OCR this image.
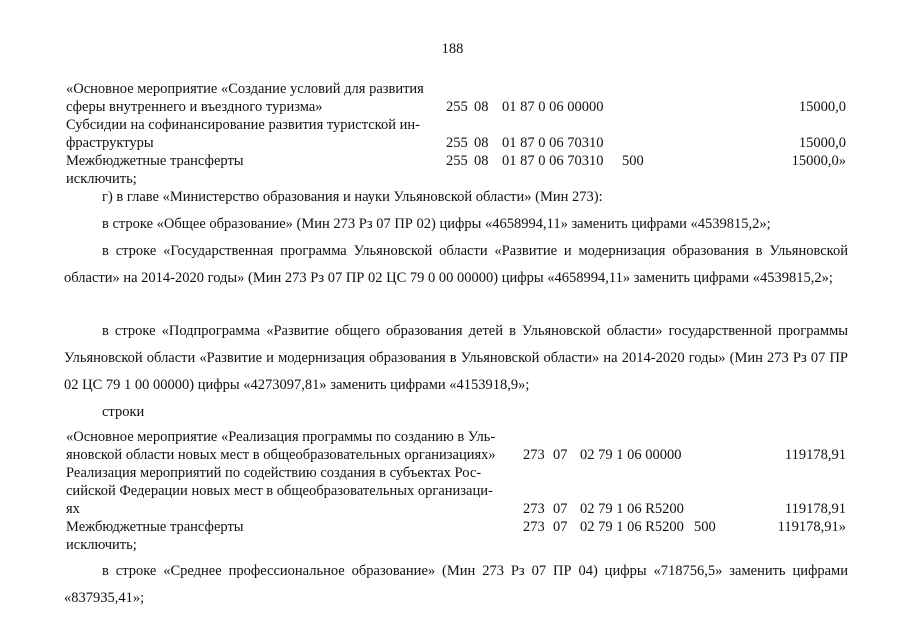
188
«Основное мероприятие «Создание условий для развития
сферы внутреннего и въездного туризма»	255 08 01 87 0 06 00000	15000,0
Субсидии на софинансирование развития туристской ин-
фраструктуры	255 08 01 87 0 06 70310	15000,0
Межбюджетные трансферты	255 08 01 87 0 06 70310 500	15000,0»
исключить;
г) в главе «Министерство образования и науки Ульяновской области» (Мин 273):
в строке «Общее образование» (Мин 273 Рз 07 ПР 02) цифры «4658994,11» заменить цифрами «4539815,2»;
в строке «Государственная программа Ульяновской области «Развитие и модернизация образования в Ульяновской области» на 2014-2020 годы» (Мин 273 Рз 07 ПР 02 ЦС 79 0 00 00000) цифры «4658994,11» заменить цифрами «4539815,2»;
в строке «Подпрограмма «Развитие общего образования детей в Ульяновской области» государственной программы Ульяновской области «Развитие и модернизация образования в Ульяновской области» на 2014-2020 годы» (Мин 273 Рз 07 ПР 02 ЦС 79 1 00 00000) цифры «4273097,81» заменить цифрами «4153918,9»;
строки
«Основное мероприятие «Реализация программы по созданию в Уль-
яновской области новых мест в общеобразовательных организациях» 273 07 02 79 1 06 00000	119178,91
Реализация мероприятий по содействию создания в субъектах Рос-
сийской Федерации новых мест в общеобразовательных организаци-
ях	273 07 02 79 1 06 R5200	119178,91
Межбюджетные трансферты	273 07 02 79 1 06 R5200 500	119178,91»
исключить;
в строке «Среднее профессиональное образование» (Мин 273 Рз 07 ПР 04) цифры «718756,5» заменить цифрами «837935,41»;
